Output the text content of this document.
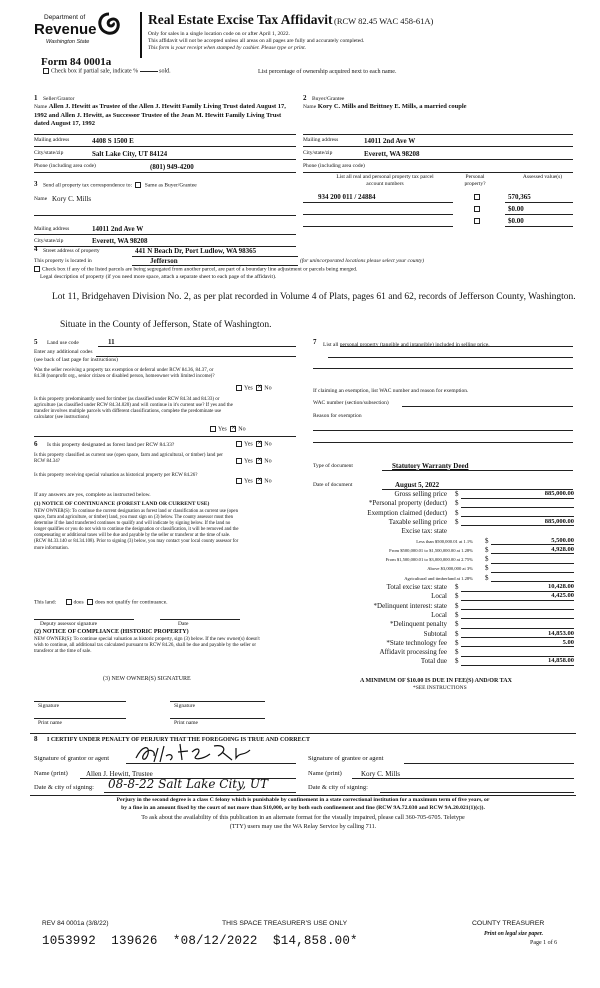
Department of
Revenue
Washington State
Real Estate Excise Tax Affidavit (RCW 82.45 WAC 458-61A)
Only for sales in a single location code on or after April 1, 2022.
This affidavit will not be accepted unless all areas on all pages are fully and accurately completed.
This form is your receipt when stamped by cashier. Please type or print.
Form 84 0001a
Check box if partial sale, indicate %	sold.	List percentage of ownership acquired next to each name.
1 Seller/Grantor
Name Allen J. Hewitt as Trustee of the Allen J. Hewitt Family Living Trust dated August 17, 1992 and Allen J. Hewitt, as Successor Trustee of the Jean M. Hewitt Family Living Trust dated August 17, 1992
Mailing address	4408 S 1500 E
City/state/zip	Salt Lake City, UT 84124
Phone (including area code)	(801) 949-4200
2 Buyer/Grantee
Name Kory C. Mills and Brittney E. Mills, a married couple
Mailing address	14011 2nd Ave W
City/state/zip	Everett, WA 98208
Phone (including area code)
3 Send all property tax correspondence to: Same as Buyer/Grantee
Name Kory C. Mills
Mailing address	14011 2nd Ave W
City/state/zip	Everett, WA 98208
List all real and personal property tax parcel account numbers
Personal property?
Assessed value(s)
934 200 011 / 24884	570,365
$0.00
$0.00
4 Street address of property	441 N Beach Dr, Port Ludlow, WA 98365
This property is located in	Jefferson	(for unincorporated locations please select your county)
Check box if any of the listed parcels are being segregated from another parcel, are part of a boundary line adjustment or parcels being merged.
Legal description of property (if you need more space, attach a separate sheet to each page of the affidavit).
Lot 11, Bridgehaven Division No. 2, as per plat recorded in Volume 4 of Plats, pages 61 and 62, records of Jefferson County, Washington.
Situate in the County of Jefferson, State of Washington.
5 Land use code	11
Enter any additional codes
(see back of last page for instructions)
Was the seller receiving a property tax exemption or deferral under RCW 84.36, 84.37, or 84.38 (nonprofit org., senior citizen or disabled person, homeowner with limited income)?
Yes × No
Is this property predominantly used for timber (as classified under RCW 84.34 and 84.33) or agriculture (as classified under RCW 84.34.020) and will continue in it's current use? If yes and the transfer involves multiple parcels with different classifications, complete the predominate use calculator (see instructions)
Yes × No
6 Is this property designated as forest land per RCW 84.33?	Yes × No
Is this property classified as current use (open space, farm and agricultural, or timber) land per RCW 84.34?	Yes × No
Is this property receiving special valuation as historical property per RCW 84.26?
Yes × No
If any answers are yes, complete as instructed below.
(1) NOTICE OF CONTINUANCE (FOREST LAND OR CURRENT USE)
NEW OWNER(S): To continue the current designation as forest land or classification as current use (open space, farm and agriculture, or timber) land, you must sign on (3) below. The county assessor must then determine if the land transferred continues to qualify and will indicate by signing below. If the land no longer qualifies or you do not wish to continue the designation or classification, it will be removed and the compensating or additional taxes will be due and payable by the seller or transferor at the time of sale. (RCW 84.33.140 or 84.34.108). Prior to signing (3) below, you may contact your local county assessor for more information.
This land:	does does not qualify for continuance.
Deputy assessor signature	Date
(2) NOTICE OF COMPLIANCE (HISTORIC PROPERTY)
NEW OWNER(S): To continue special valuation as historic property, sign (3) below. If the new owner(s) doesn't wish to continue, all additional tax calculated pursuant to RCW 84.26, shall be due and payable by the seller or transferor at the time of sale.
(3) NEW OWNER(S) SIGNATURE
Signature	Signature
Print name	Print name
7	List all personal property (tangible and intangible) included in selling price.
If claiming an exemption, list WAC number and reason for exemption.
WAC number (section/subsection)
Reason for exemption
Type of document	Statutory Warranty Deed
Date of document	August 5, 2022
Gross selling price $	885,000.00
*Personal property (deduct) $
Exemption claimed (deduct) $
Taxable selling price $	885,000.00
Excise tax: state
Less than $500,000.01 at 1.1% $	5,500.00
From $500,000.01 to $1,500,000.00 at 1.28% $	4,928.00
From $1,500,000.01 to $3,000,000.00 at 2.75% $
Above $3,000,000 at 3% $
Agricultural and timberland at 1.28% $
Total excise tax: state $	10,428.00
Local $	4,425.00
*Delinquent interest: state $
Local $
*Delinquent penalty $
Subtotal $	14,853.00
*State technology fee $	5.00
Affidavit processing fee $
Total due $	14,858.00
A MINIMUM OF $10.00 IS DUE IN FEE(S) AND/OR TAX
*SEE INSTRUCTIONS
8 I CERTIFY UNDER PENALTY OF PERJURY THAT THE FOREGOING IS TRUE AND CORRECT
Signature of grantor or agent	Signature of grantee or agent
Name (print)	Allen J. Hewitt, Trustee	Name (print)	Kory C. Mills
Date & city of signing: 08-8-22 Salt Lake City, UT	Date & city of signing:
Perjury in the second degree is a class C felony which is punishable by confinement in a state correctional institution for a maximum term of five years, or
by a fine in an amount fixed by the court of not more than $10,000, or by both such confinement and fine (RCW 9A.72.030 and RCW 9A.20.021(1)(c)).
To ask about the availability of this publication in an alternate format for the visually impaired, please call 360-705-6705. Teletype
(TTY) users may use the WA Relay Service by calling 711.
REV 84 0001a (3/8/22)	THIS SPACE TREASURER'S USE ONLY	COUNTY TREASURER
Print on legal size paper.
Page 1 of 6
1053992  139626  *08/12/2022  $14,858.00*
